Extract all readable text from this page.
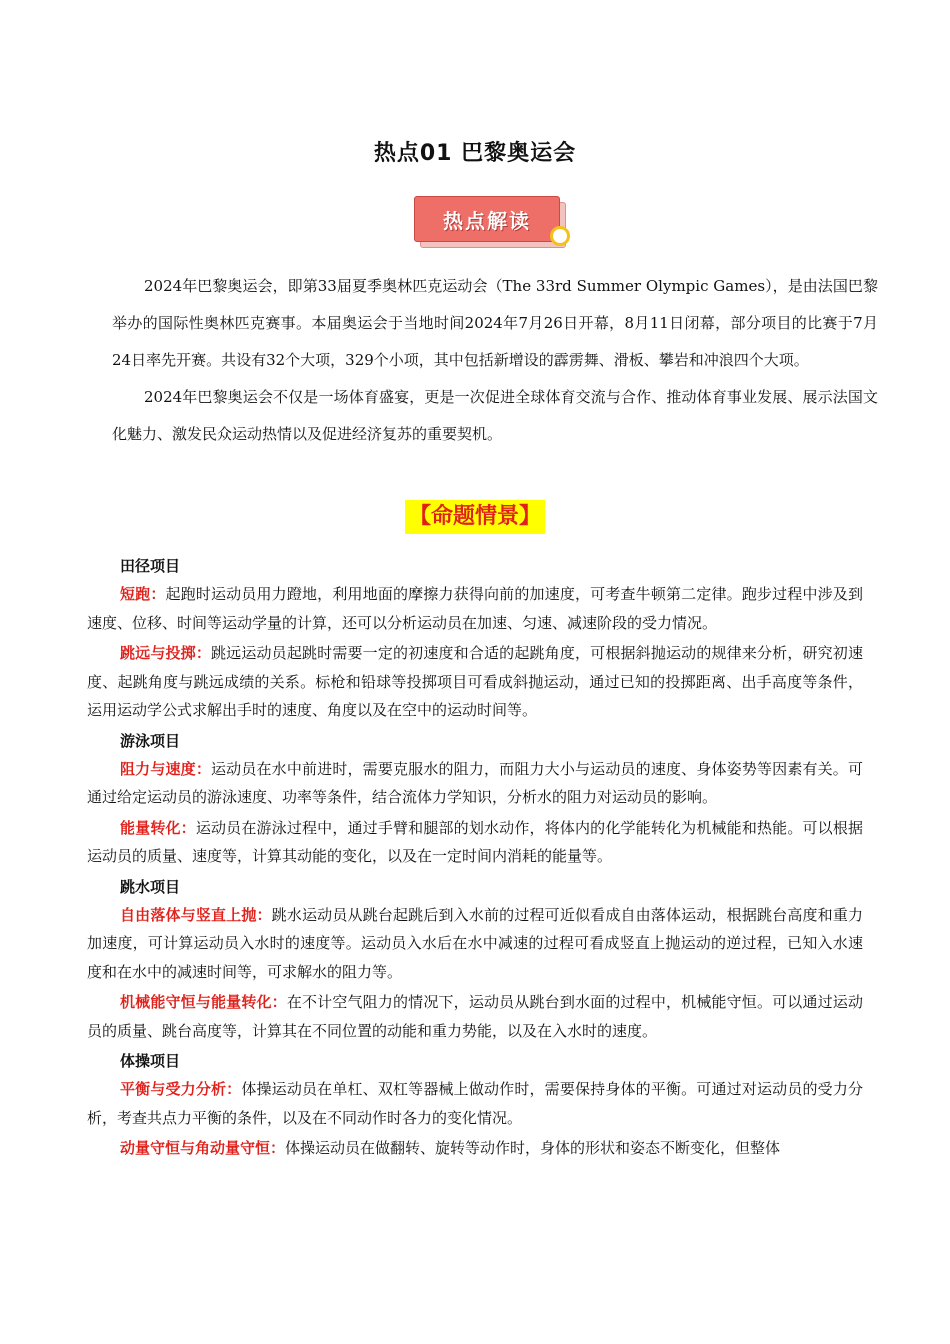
热点01 巴黎奥运会
热点解读

2024年巴黎奥运会，即第33届夏季奥林匹克运动会（The 33rd Summer Olympic Games），是由法国巴黎举办的国际性奥林匹克赛事。本届奥运会于当地时间2024年7月26日开幕，8月11日闭幕，部分项目的比赛于7月24日率先开赛。共设有32个大项，329个小项，其中包括新增设的霹雳舞、滑板、攀岩和冲浪四个大项。

2024年巴黎奥运会不仅是一场体育盛宴，更是一次促进全球体育交流与合作、推动体育事业发展、展示法国文化魅力、激发民众运动热情以及促进经济复苏的重要契机。

【命题情景】

田径项目

短跑：起跑时运动员用力蹬地，利用地面的摩擦力获得向前的加速度，可考查牛顿第二定律。跑步过程中涉及到速度、位移、时间等运动学量的计算，还可以分析运动员在加速、匀速、减速阶段的受力情况。

跳远与投掷：跳远运动员起跳时需要一定的初速度和合适的起跳角度，可根据斜抛运动的规律来分析，研究初速度、起跳角度与跳远成绩的关系。标枪和铅球等投掷项目可看成斜抛运动，通过已知的投掷距离、出手高度等条件，运用运动学公式求解出手时的速度、角度以及在空中的运动时间等。

游泳项目

阻力与速度：运动员在水中前进时，需要克服水的阻力，而阻力大小与运动员的速度、身体姿势等因素有关。可通过给定运动员的游泳速度、功率等条件，结合流体力学知识，分析水的阻力对运动员的影响。

能量转化：运动员在游泳过程中，通过手臂和腿部的划水动作，将体内的化学能转化为机械能和热能。可以根据运动员的质量、速度等，计算其动能的变化，以及在一定时间内消耗的能量等。

跳水项目

自由落体与竖直上抛：跳水运动员从跳台起跳后到入水前的过程可近似看成自由落体运动，根据跳台高度和重力加速度，可计算运动员入水时的速度等。运动员入水后在水中减速的过程可看成竖直上抛运动的逆过程，已知入水速度和在水中的减速时间等，可求解水的阻力等。

机械能守恒与能量转化：在不计空气阻力的情况下，运动员从跳台到水面的过程中，机械能守恒。可以通过运动员的质量、跳台高度等，计算其在不同位置的动能和重力势能，以及在入水时的速度。

体操项目

平衡与受力分析：体操运动员在单杠、双杠等器械上做动作时，需要保持身体的平衡。可通过对运动员的受力分析，考查共点力平衡的条件，以及在不同动作时各力的变化情况。

动量守恒与角动量守恒：体操运动员在做翻转、旋转等动作时，身体的形状和姿态不断变化，但整体
